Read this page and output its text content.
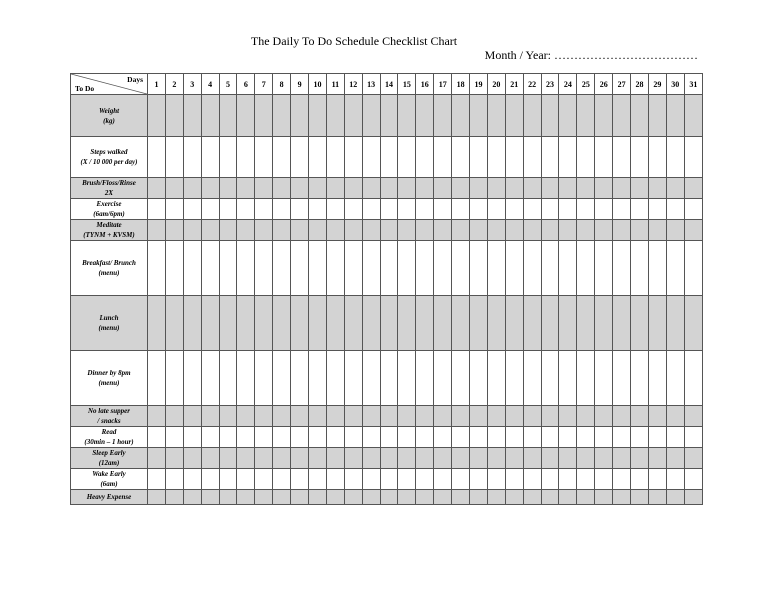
The Daily To Do Schedule Checklist Chart
Month / Year: ………………………………
Days
To Do	1	2	3	4	5	6	7	8	9	10	11	12	13	14	15	16	17	18	19	20	21	22	23	24	25	26	27	28	29	30	31

Weight
(kg)																															

Steps walked
(X / 10 000 per day)																															

Brush/Floss/Rinse
2X																															

Exercise
(6am/6pm)																															

Meditate
(TYNM + KVSM)																															

Breakfast/ Brunch
(menu)																															

Lunch
(menu)																															

Dinner by 8pm
(menu)																															

No late supper
/ snacks																															

Read
(30min – 1 hour)																															

Sleep Early
(12am)																															

Wake Early
(6am)																															

Heavy Expense																															
